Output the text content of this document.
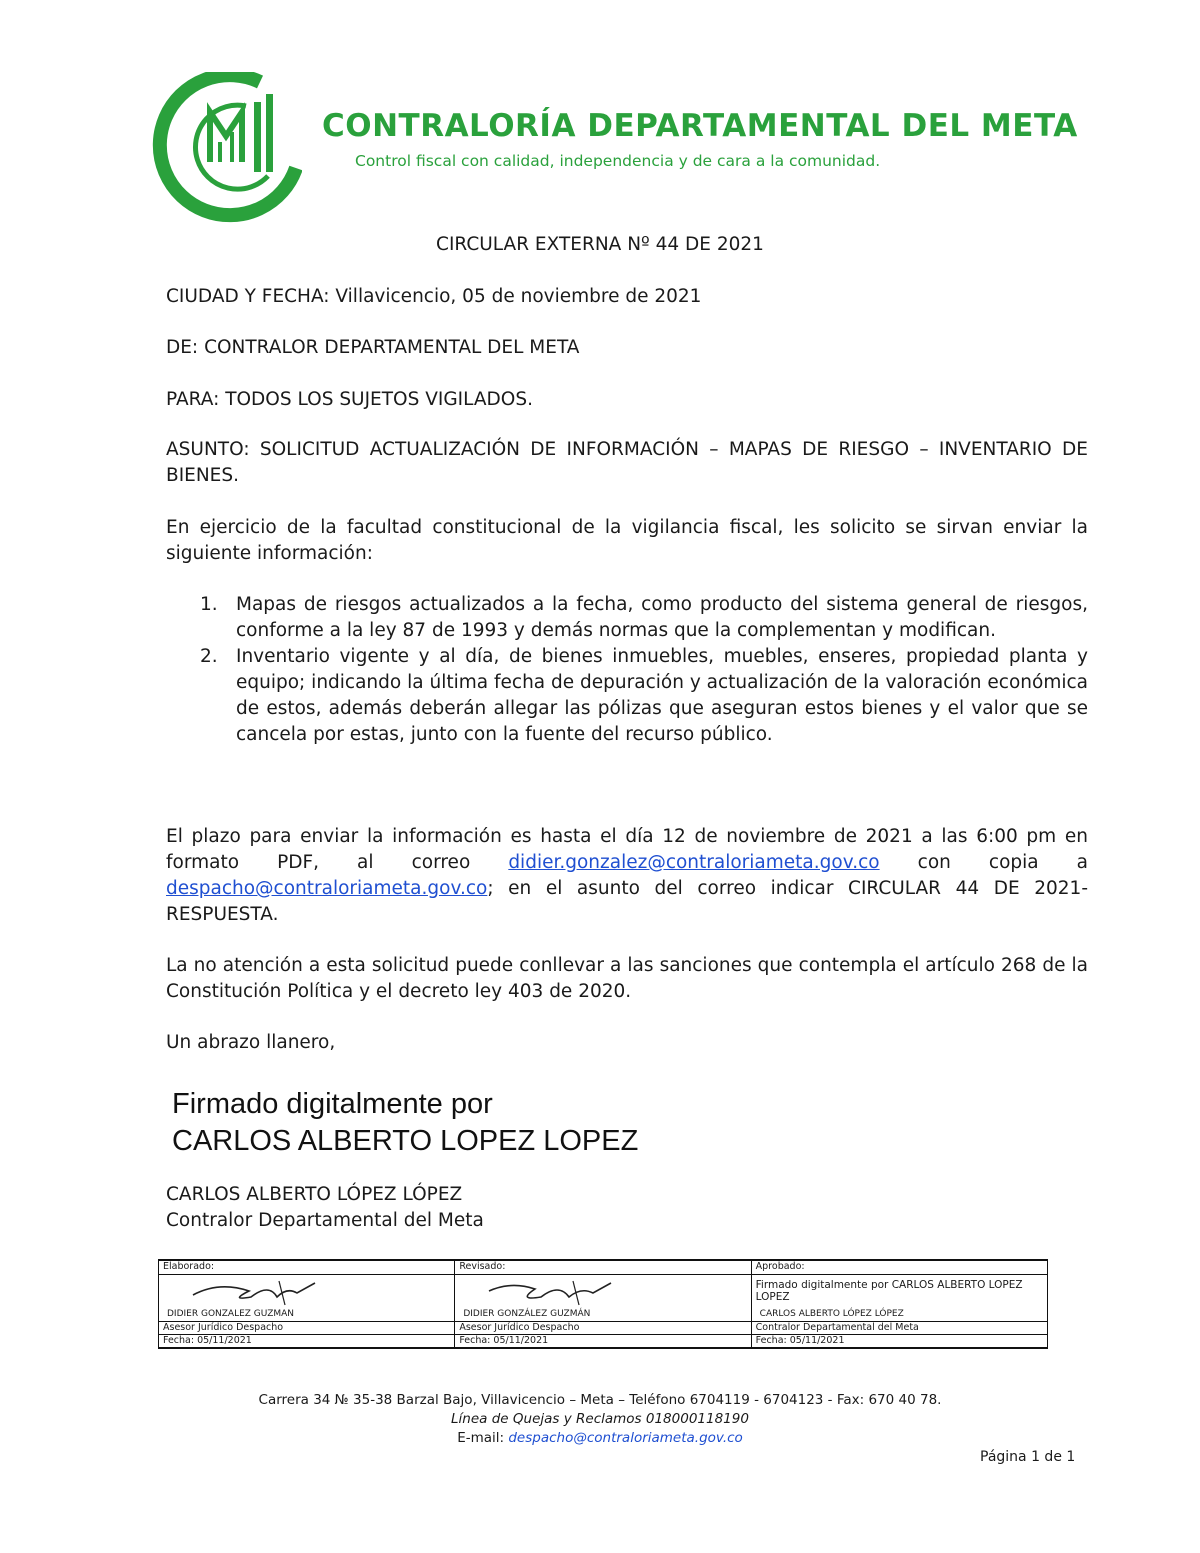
CONTRALORÍA DEPARTAMENTAL DEL META
Control fiscal con calidad, independencia y de cara a la comunidad.
CIRCULAR EXTERNA Nº 44 DE 2021
CIUDAD Y FECHA: Villavicencio, 05 de noviembre de 2021
DE: CONTRALOR DEPARTAMENTAL DEL META
PARA: TODOS LOS SUJETOS VIGILADOS.
ASUNTO: SOLICITUD ACTUALIZACIÓN DE INFORMACIÓN – MAPAS DE RIESGO – INVENTARIO DE BIENES.
En ejercicio de la facultad constitucional de la vigilancia fiscal, les solicito se sirvan enviar la siguiente información:
1. Mapas de riesgos actualizados a la fecha, como producto del sistema general de riesgos, conforme a la ley 87 de 1993 y demás normas que la complementan y modifican.
2. Inventario vigente y al día, de bienes inmuebles, muebles, enseres, propiedad planta y equipo; indicando la última fecha de depuración y actualización de la valoración económica de estos, además deberán allegar las pólizas que aseguran estos bienes y el valor que se cancela por estas, junto con la fuente del recurso público.
El plazo para enviar la información es hasta el día 12 de noviembre de 2021 a las 6:00 pm en formato PDF, al correo didier.gonzalez@contraloriameta.gov.co con copia a despacho@contraloriameta.gov.co; en el asunto del correo indicar CIRCULAR 44 DE 2021-RESPUESTA.
La no atención a esta solicitud puede conllevar a las sanciones que contempla el artículo 268 de la Constitución Política y el decreto ley 403 de 2020.
Un abrazo llanero,
Firmado digitalmente por
CARLOS ALBERTO LOPEZ LOPEZ
CARLOS ALBERTO LÓPEZ LÓPEZ
Contralor Departamental del Meta
Elaborado:	Revisado:	Aprobado:

DIDIER GONZALEZ GUZMAN	DIDIER GONZÁLEZ GUZMÁN	Firmado digitalmente por CARLOS ALBERTO LOPEZ LOPEZ
CARLOS ALBERTO LÓPEZ LÓPEZ

Asesor Jurídico Despacho	Asesor Jurídico Despacho	Contralor Departamental del Meta
Fecha: 05/11/2021	Fecha: 05/11/2021	Fecha: 05/11/2021
Carrera 34 № 35-38 Barzal Bajo, Villavicencio – Meta – Teléfono 6704119 - 6704123 - Fax: 670 40 78.
Línea de Quejas y Reclamos 018000118190
E-mail: despacho@contraloriameta.gov.co
Página 1 de 1
